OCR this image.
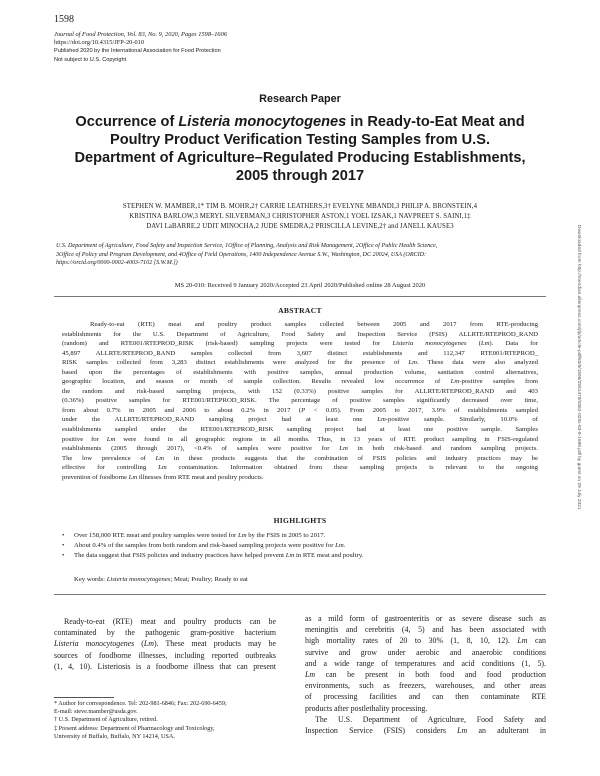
1598
Journal of Food Protection, Vol. 83, No. 9, 2020, Pages 1598–1606
https://doi.org/10.4315/JFP-20-010
Published 2020 by the International Association for Food Protection
Not subject to U.S. Copyright
Research Paper
Occurrence of Listeria monocytogenes in Ready-to-Eat Meat and
Poultry Product Verification Testing Samples from U.S.
Department of Agriculture–Regulated Producing Establishments,
2005 through 2017
STEPHEN W. MAMBER,1* TIM B. MOHR,2† CARRIE LEATHERS,3† EVELYNE MBANDI,3 PHILIP A. BRONSTEIN,4
KRISTINA BARLOW,3 MERYL SILVERMAN,3 CHRISTOPHER ASTON,1 YOEL IZSAK,1 NAVPREET S. SAINI,1‡
DAVI LaBARRE,2 UDIT MINOCHA,2 JUDE SMEDRA,2 PRISCILLA LEVINE,2† and JANELL KAUSE3
U.S. Department of Agriculture, Food Safety and Inspection Service, 1Office of Planning, Analysis and Risk Management, 2Office of Public Health Science,
3Office of Policy and Program Development, and 4Office of Field Operations, 1400 Independence Avenue S.W., Washington, DC 20024, USA (ORCID:
https://orcid.org/0000-0002-4003-7102 [S.W.M.])
MS 20-010: Received 9 January 2020/Accepted 23 April 2020/Published online 28 August 2020
ABSTRACT
Ready-to-eat (RTE) meat and poultry product samples collected between 2005 and 2017 from RTE-producing
establishments for the U.S. Department of Agriculture, Food Safety and Inspection Service (FSIS) ALLRTE/RTEPROD_RAND
(random) and RTE001/RTEPROD_RISK (risk-based) sampling projects were tested for Listeria monocytogenes (Lm). Data for
45,897 ALLRTE/RTEPROD_RAND samples collected from 3,607 distinct establishments and 112,347 RTE001/RTEPROD_
RISK samples collected from 3,283 distinct establishments were analyzed for the presence of Lm. These data were also analyzed
based upon the percentages of establishments with positive samples, annual production volume, sanitation control alternatives,
geographic location, and season or month of sample collection. Results revealed low occurrence of Lm-positive samples from
the random and risk-based sampling projects, with 152 (0.33%) positive samples for ALLRTE/RTEPROD_RAND and 403
(0.36%) positive samples for RTE001/RTEPROD_RISK. The percentage of positive samples significantly decreased over time,
from about 0.7% in 2005 and 2006 to about 0.2% in 2017 (P < 0.05). From 2005 to 2017, 3.9% of establishments sampled
under the ALLRTE/RTEPROD_RAND sampling project had at least one Lm-positive sample. Similarly, 10.0% of
establishments sampled under the RTE001/RTEPROD_RISK sampling project had at least one positive sample. Samples
positive for Lm were found in all geographic regions in all months. Thus, in 13 years of RTE product sampling in FSIS-regulated
establishments (2005 through 2017), <0.4% of samples were positive for Lm in both risk-based and random sampling projects.
The low prevalence of Lm in these products suggests that the combination of FSIS policies and industry practices may be
effective for controlling Lm contamination. Information obtained from these sampling projects is relevant to the ongoing
prevention of foodborne Lm illnesses from RTE meat and poultry products.
HIGHLIGHTS
•	Over 158,000 RTE meat and poultry samples were tested for Lm by the FSIS in 2005 to 2017.
•	About 0.4% of the samples from both random and risk-based sampling projects were positive for Lm.
•	The data suggest that FSIS policies and industry practices have helped prevent Lm in RTE meat and poultry.
Key words: Listeria monocytogenes; Meat; Poultry; Ready to eat
Ready-to-eat (RTE) meat and poultry products can be
contaminated by the pathogenic gram-positive bacterium
Listeria monocytogenes (Lm). These meat products may be
sources of foodborne illnesses, including reported outbreaks
(1, 4, 10). Listeriosis is a foodborne illness that can present
* Author for correspondence. Tel: 202-981-6846; Fax: 202-690-6459;
E-mail: steve.mamber@usda.gov.
† U.S. Department of Agriculture, retired.
‡ Present address: Department of Pharmacology and Toxicology,
University of Buffalo, Buffalo, NY 14214, USA.
as a mild form of gastroenteritis or as severe disease such as
meningitis and cerebritis (4, 5) and has been associated with
high mortality rates of 20 to 30% (1, 8, 10, 12). Lm can
survive and grow under aerobic and anaerobic conditions
and a wide range of temperatures and acid conditions (1, 5).
Lm can be present in both food and food production
environments, such as freezers, warehouses, and other areas
of processing facilities and can then contaminate RTE
products after postlethality processing.
The U.S. Department of Agriculture, Food Safety and
Inspection Service (FSIS) considers Lm an adulterant in
Downloaded from http://meridian.allenpress.com/jfp/article-pdf/83/9/1598/2581479/0362-028x-83-9-1598.pdf by guest on 29 July 2021
